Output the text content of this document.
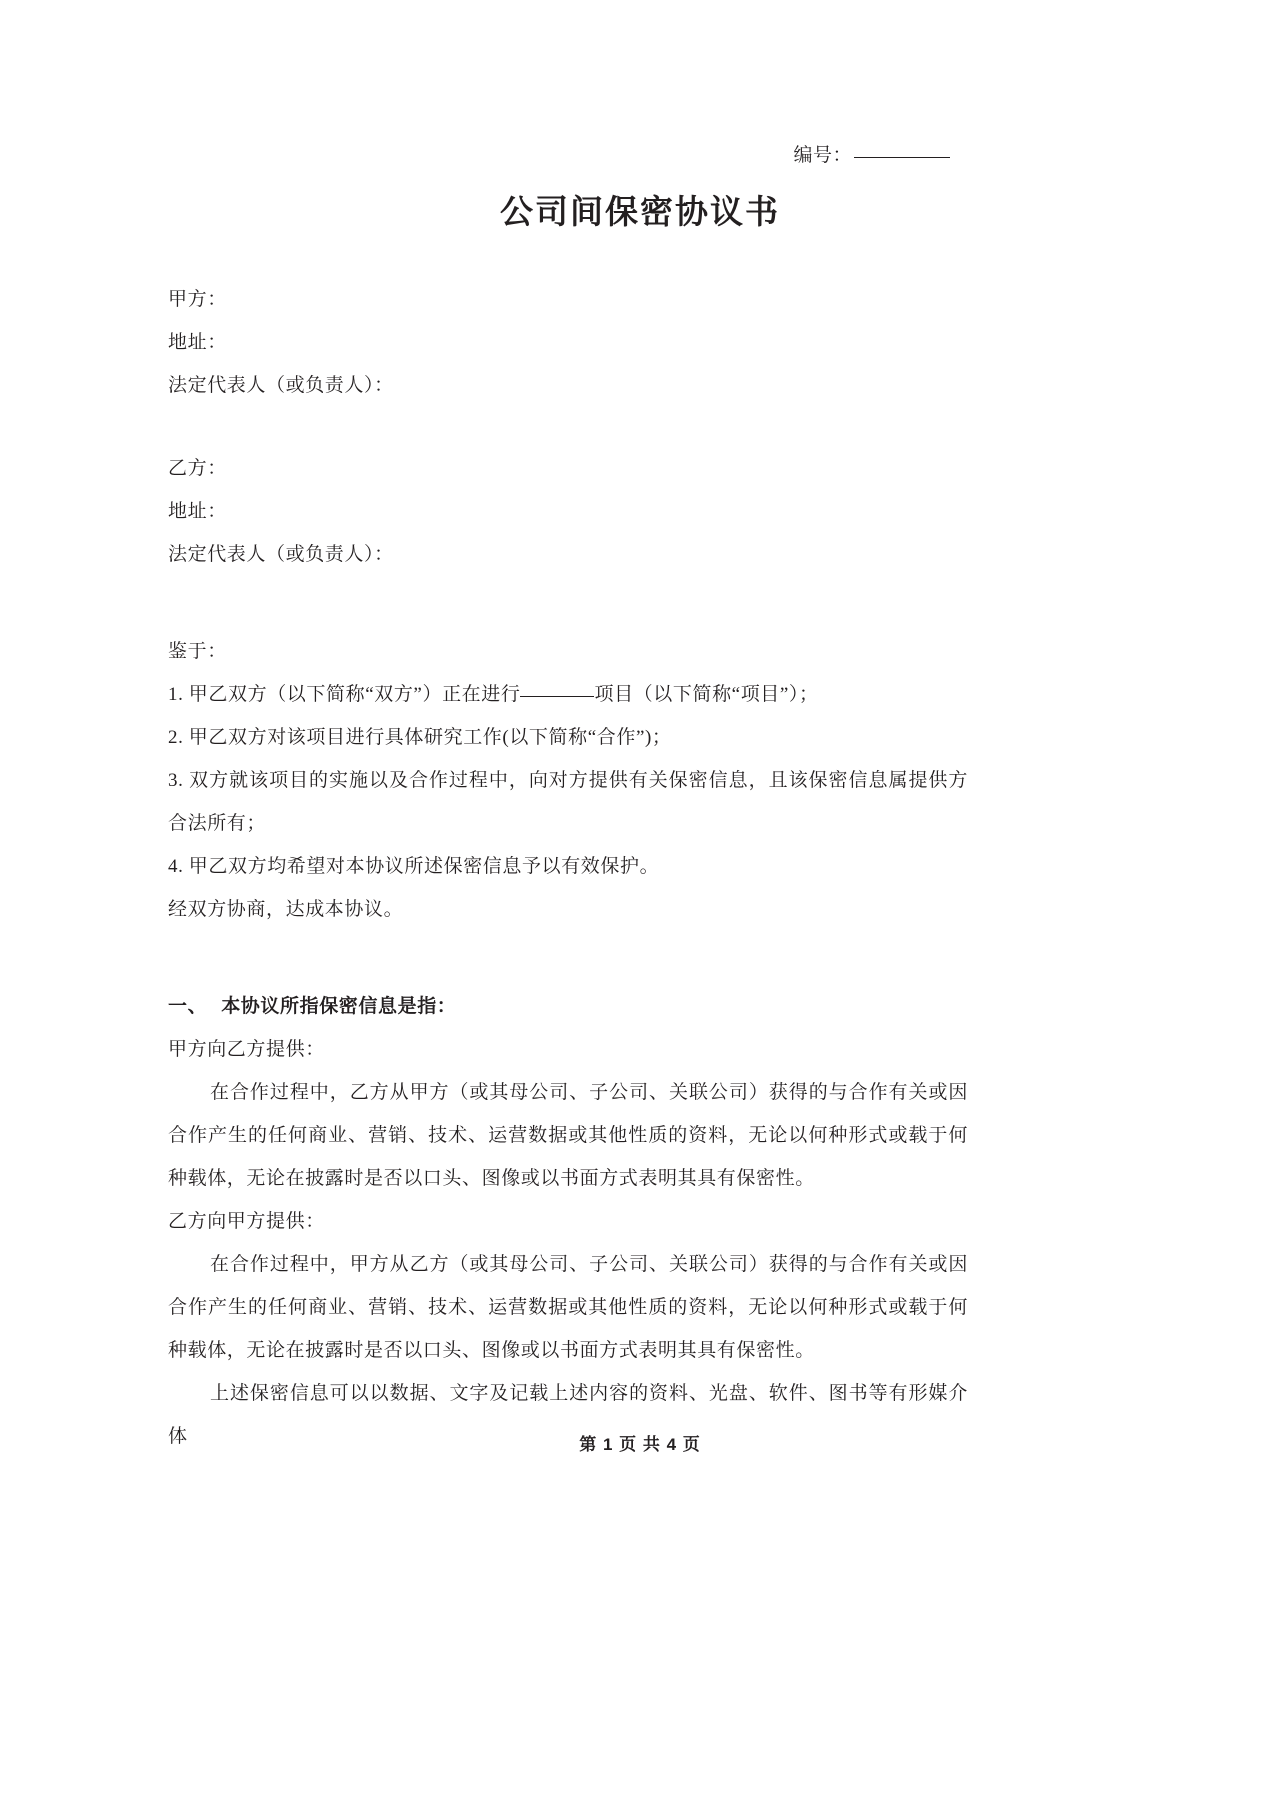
编号：
公司间保密协议书
甲方：
地址：
法定代表人（或负责人）：
乙方：
地址：
法定代表人（或负责人）：
鉴于：
1. 甲乙双方（以下简称“双方”）正在进行	项目（以下简称“项目”）；
2. 甲乙双方对该项目进行具体研究工作(以下简称“合作”)；
3. 双方就该项目的实施以及合作过程中，向对方提供有关保密信息，且该保密信息属提供方合法所有；
4. 甲乙双方均希望对本协议所述保密信息予以有效保护。
经双方协商，达成本协议。
一、 本协议所指保密信息是指：
甲方向乙方提供：
在合作过程中，乙方从甲方（或其母公司、子公司、关联公司）获得的与合作有关或因合作产生的任何商业、营销、技术、运营数据或其他性质的资料，无论以何种形式或载于何种载体，无论在披露时是否以口头、图像或以书面方式表明其具有保密性。
乙方向甲方提供：
在合作过程中，甲方从乙方（或其母公司、子公司、关联公司）获得的与合作有关或因合作产生的任何商业、营销、技术、运营数据或其他性质的资料，无论以何种形式或载于何种载体，无论在披露时是否以口头、图像或以书面方式表明其具有保密性。
上述保密信息可以以数据、文字及记载上述内容的资料、光盘、软件、图书等有形媒介体	第 1 页 共 4 页
